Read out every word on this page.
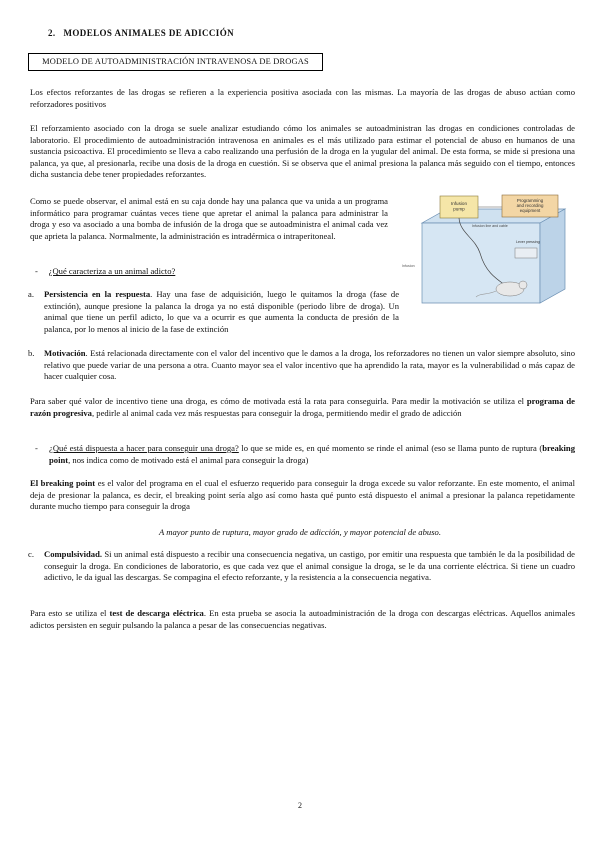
2. MODELOS ANIMALES DE ADICCIÓN
MODELO DE AUTOADMINISTRACIÓN INTRAVENOSA DE DROGAS
Los efectos reforzantes de las drogas se refieren a la experiencia positiva asociada con las mismas. La mayoría de las drogas de abuso actúan como reforzadores positivos
El reforzamiento asociado con la droga se suele analizar estudiando cómo los animales se autoadministran las drogas en condiciones controladas de laboratorio. El procedimiento de autoadministración intravenosa en animales es el más utilizado para estimar el potencial de abuso en humanos de una sustancia psicoactiva. El procedimiento se lleva a cabo realizando una perfusión de la droga en la yugular del animal. De esta forma, se mide si presiona una palanca, ya que, al presionarla, recibe una dosis de la droga en cuestión. Si se observa que el animal presiona la palanca más seguido con el tiempo, entonces dicha sustancia debe tener propiedades reforzantes.
Como se puede observar, el animal está en su caja donde hay una palanca que va unida a un programa informático para programar cuántas veces tiene que apretar el animal la palanca para administrar la droga y eso va asociado a una bomba de infusión de la droga que se autoadministra el animal cada vez que aprieta la palanca. Normalmente, la administración es intradérmica o intraperitoneal.
Infusion pump
Programming and recording equipment
Infusion line and cable
Lever pressing
Infusion
- ¿Qué caracteriza a un animal adicto?
a. Persistencia en la respuesta. Hay una fase de adquisición, luego le quitamos la droga (fase de extinción), aunque presione la palanca la droga ya no está disponible (periodo libre de droga). Un animal que tiene un perfil adicto, lo que va a ocurrir es que aumenta la conducta de presión de la palanca, por lo menos al inicio de la fase de extinción
b. Motivación. Está relacionada directamente con el valor del incentivo que le damos a la droga, los reforzadores no tienen un valor siempre absoluto, sino relativo que puede variar de una persona a otra. Cuanto mayor sea el valor incentivo que ha aprendido la rata, mayor es la vulnerabilidad o más capaz de hacer cualquier cosa.
Para saber qué valor de incentivo tiene una droga, es cómo de motivada está la rata para conseguirla. Para medir la motivación se utiliza el programa de razón progresiva, pedirle al animal cada vez más respuestas para conseguir la droga, permitiendo medir el grado de adicción
- ¿Qué está dispuesta a hacer para conseguir una droga? lo que se mide es, en qué momento se rinde el animal (eso se llama punto de ruptura (breaking point, nos indica como de motivado está el animal para conseguir la droga)
El breaking point es el valor del programa en el cual el esfuerzo requerido para conseguir la droga excede su valor reforzante. En este momento, el animal deja de presionar la palanca, es decir, el breaking point sería algo así como hasta qué punto está dispuesto el animal a presionar la palanca repetidamente durante mucho tiempo para conseguir la droga
A mayor punto de ruptura, mayor grado de adicción, y mayor potencial de abuso.
c. Compulsividad. Si un animal está dispuesto a recibir una consecuencia negativa, un castigo, por emitir una respuesta que también le da la posibilidad de conseguir la droga. En condiciones de laboratorio, es que cada vez que el animal consigue la droga, se le da una corriente eléctrica. Si tiene un cuadro adictivo, le da igual las descargas. Se compagina el efecto reforzante, y la resistencia a la consecuencia negativa.
Para esto se utiliza el test de descarga eléctrica. En esta prueba se asocia la autoadministración de la droga con descargas eléctricas. Aquellos animales adictos persisten en seguir pulsando la palanca a pesar de las consecuencias negativas.
2
